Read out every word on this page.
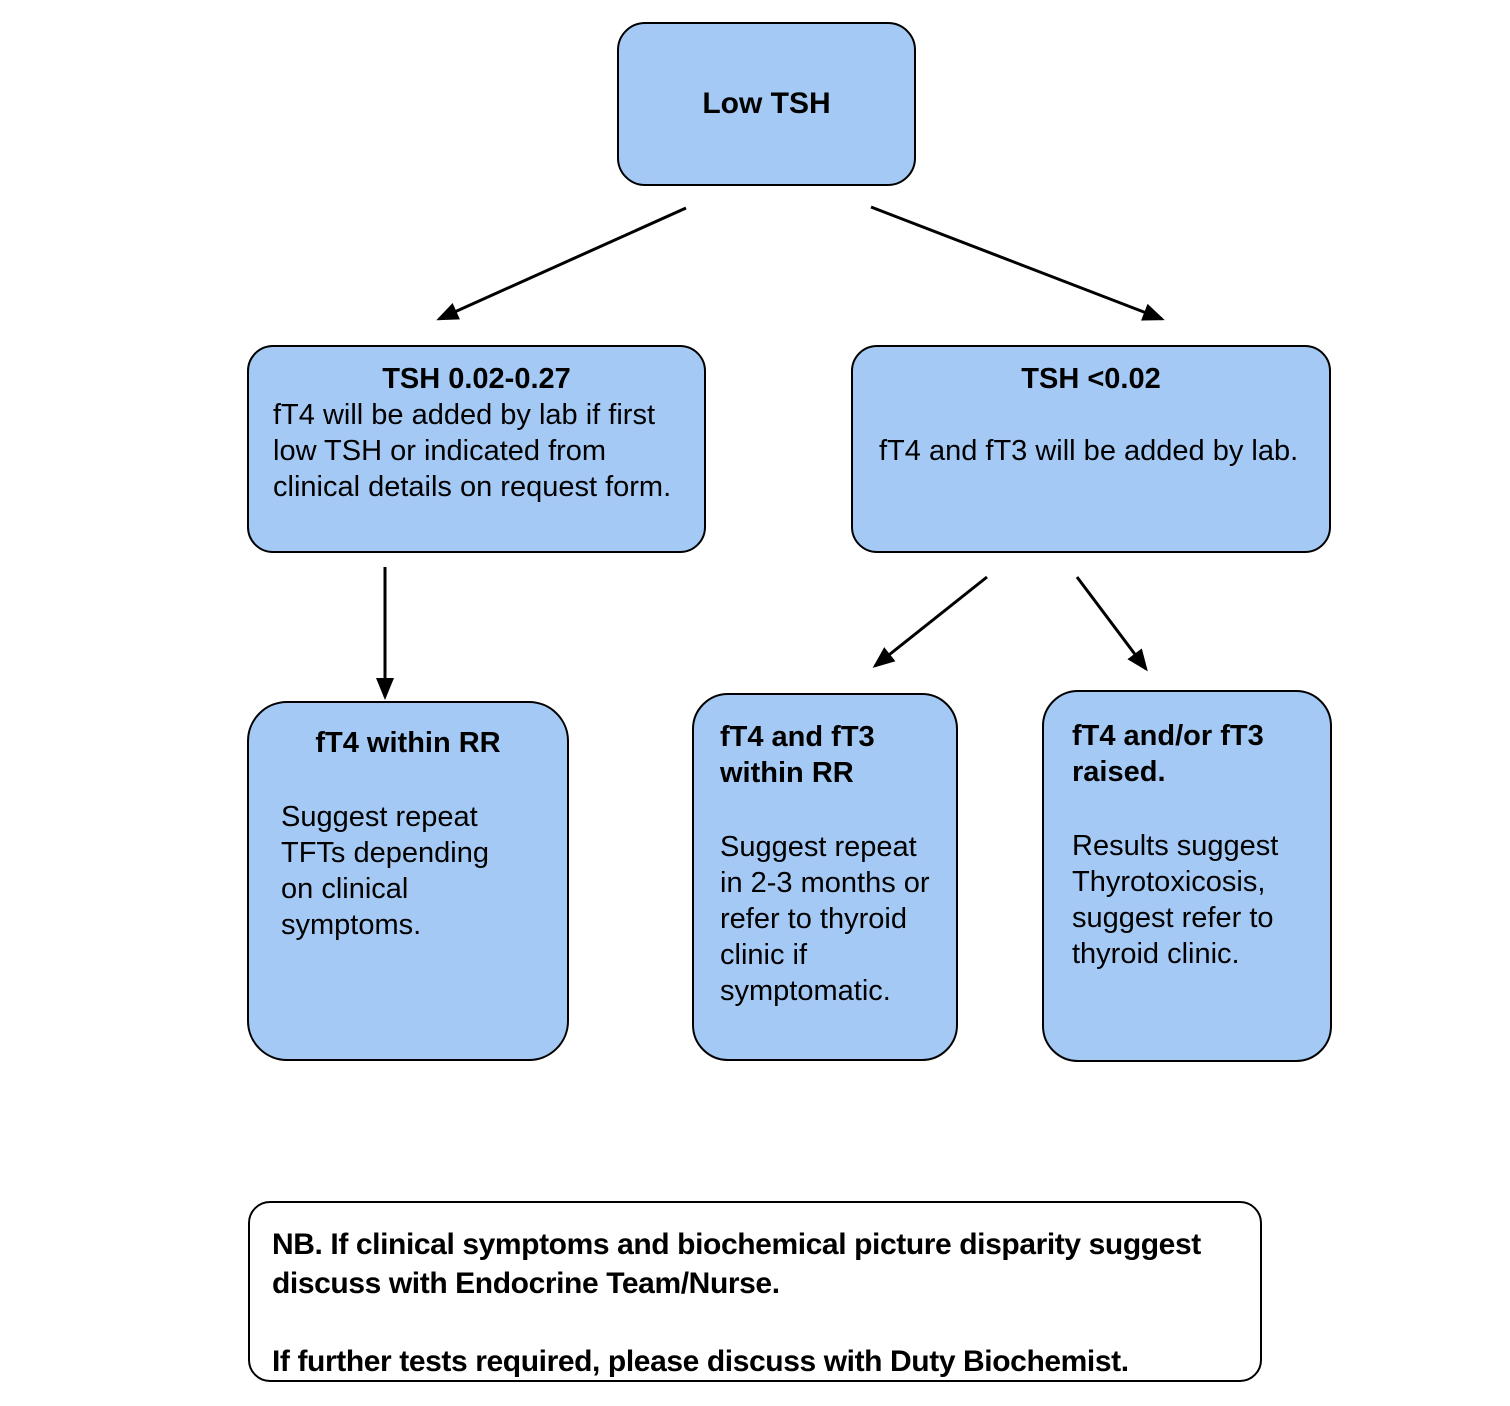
Low TSH
TSH 0.02-0.27
fT4 will be added by lab if first low TSH or indicated from clinical details on request form.
TSH <0.02
fT4 and fT3 will be added by lab.
fT4 within RR
Suggest repeat TFTs depending on clinical symptoms.
fT4 and fT3 within RR
Suggest repeat in 2-3 months or refer to thyroid clinic if symptomatic.
fT4 and/or fT3 raised.
Results suggest Thyrotoxicosis, suggest refer to thyroid clinic.
NB. If clinical symptoms and biochemical picture disparity suggest discuss with Endocrine Team/Nurse.
If further tests required, please discuss with Duty Biochemist.
